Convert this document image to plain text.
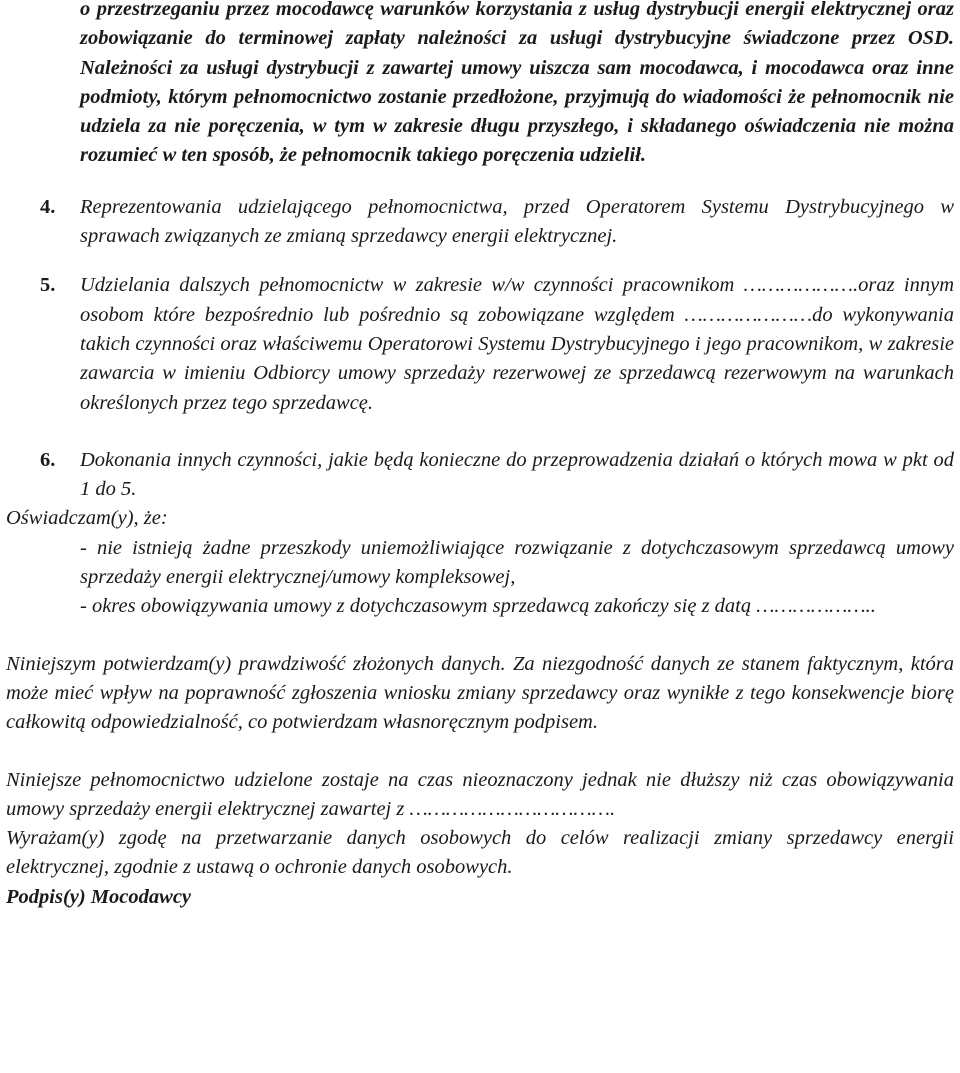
o przestrzeganiu przez mocodawcę warunków korzystania z usług dystrybucji energii elektrycznej oraz zobowiązanie do terminowej zapłaty należności za usługi dystrybucyjne świadczone przez OSD. Należności za usługi dystrybucji z zawartej umowy uiszcza sam mocodawca, i mocodawca oraz inne podmioty, którym pełnomocnictwo zostanie przedłożone, przyjmują do wiadomości że pełnomocnik nie udziela za nie poręczenia, w tym w zakresie długu przyszłego, i składanego oświadczenia nie można rozumieć w ten sposób, że pełnomocnik takiego poręczenia udzielił.

4. Reprezentowania udzielającego pełnomocnictwa, przed Operatorem Systemu Dystrybucyjnego w sprawach związanych ze zmianą sprzedawcy energii elektrycznej.

5. Udzielania dalszych pełnomocnictw w zakresie w/w czynności pracownikom ……………….oraz innym osobom które bezpośrednio lub pośrednio są zobowiązane względem …………………do wykonywania takich czynności oraz właściwemu Operatorowi Systemu Dystrybucyjnego i jego pracownikom, w zakresie zawarcia w imieniu Odbiorcy umowy sprzedaży rezerwowej ze sprzedawcą rezerwowym na warunkach określonych przez tego sprzedawcę.

6. Dokonania innych czynności, jakie będą konieczne do przeprowadzenia działań o których mowa w pkt od 1 do 5.

Oświadczam(y), że:

- nie istnieją żadne przeszkody uniemożliwiające rozwiązanie z dotychczasowym sprzedawcą umowy sprzedaży energii elektrycznej/umowy kompleksowej,

- okres obowiązywania umowy z dotychczasowym sprzedawcą zakończy się z datą ………………..

Niniejszym potwierdzam(y) prawdziwość złożonych danych. Za niezgodność danych ze stanem faktycznym, która może mieć wpływ na poprawność zgłoszenia wniosku zmiany sprzedawcy oraz wynikłe z tego konsekwencje biorę całkowitą odpowiedzialność, co potwierdzam własnoręcznym podpisem.

Niniejsze pełnomocnictwo udzielone zostaje na czas nieoznaczony jednak nie dłuższy niż czas obowiązywania umowy sprzedaży energii elektrycznej zawartej z …………………………….

Wyrażam(y) zgodę na przetwarzanie danych osobowych do celów realizacji zmiany sprzedawcy energii elektrycznej, zgodnie z ustawą o ochronie danych osobowych.

Podpis(y) Mocodawcy
